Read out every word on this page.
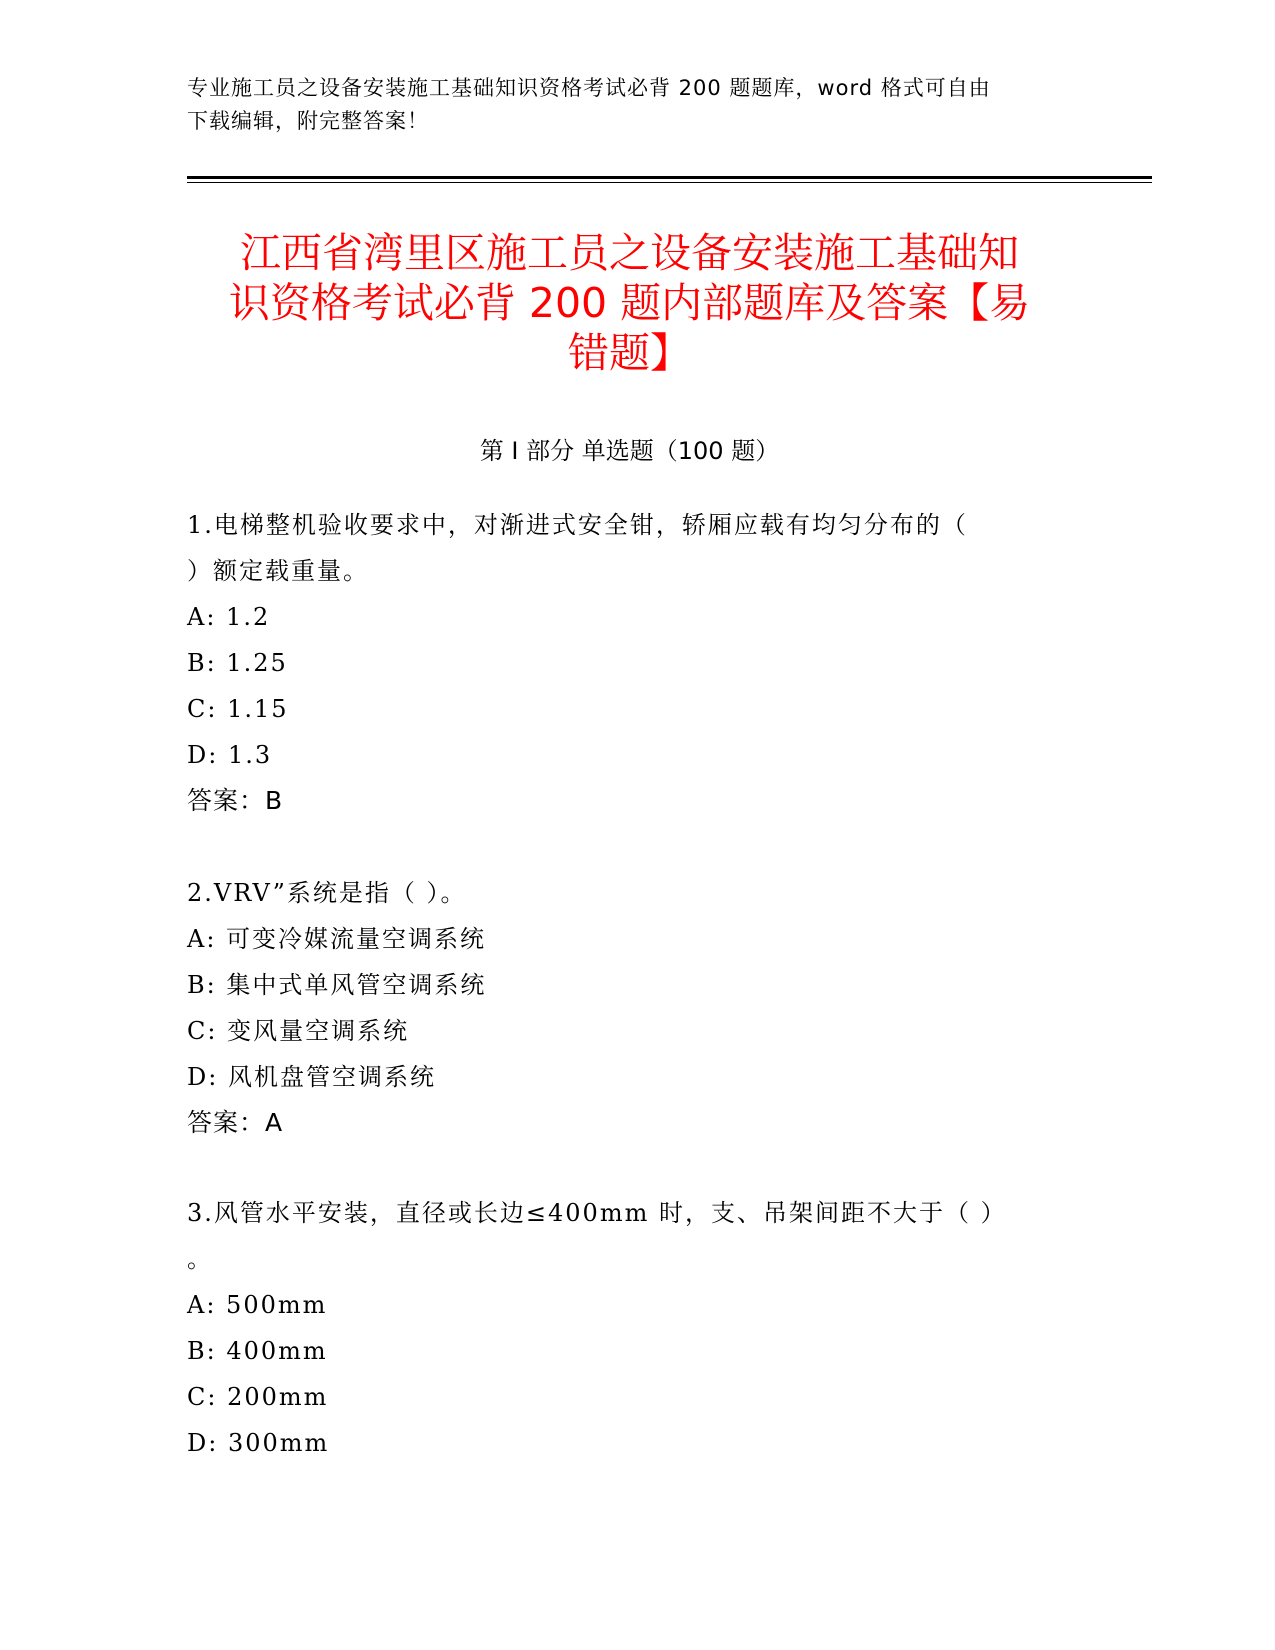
专业施工员之设备安装施工基础知识资格考试必背 200 题题库，word 格式可自由
下载编辑，附完整答案！
江西省湾里区施工员之设备安装施工基础知
识资格考试必背 200 题内部题库及答案【易
错题】
第 I 部分 单选题（100 题）
1.电梯整机验收要求中，对渐进式安全钳，轿厢应载有均匀分布的（
）额定载重量。
A: 1.2
B: 1.25
C: 1.15
D: 1.3
答案：B
2.VRV”系统是指（ ）。
A: 可变冷媒流量空调系统
B: 集中式单风管空调系统
C: 变风量空调系统
D: 风机盘管空调系统
答案：A
3.风管水平安装，直径或长边≤400mm 时，支、吊架间距不大于（ ）
。
A: 500mm
B: 400mm
C: 200mm
D: 300mm
